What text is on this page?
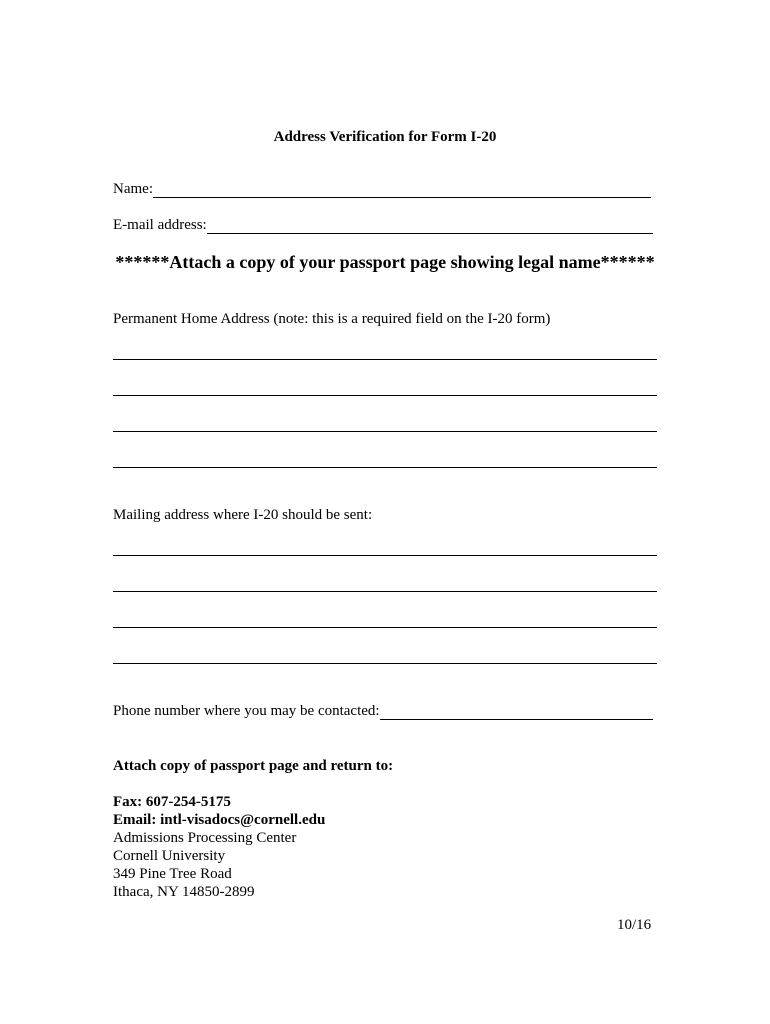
Address Verification for Form I-20
Name:
E-mail address:
******Attach a copy of your passport page showing legal name******
Permanent Home Address (note: this is a required field on the I-20 form)
Mailing address where I-20 should be sent:
Phone number where you may be contacted:
Attach copy of passport page and return to:
Fax: 607-254-5175
Email: intl-visadocs@cornell.edu
Admissions Processing Center
Cornell University
349 Pine Tree Road
Ithaca, NY 14850-2899
10/16
